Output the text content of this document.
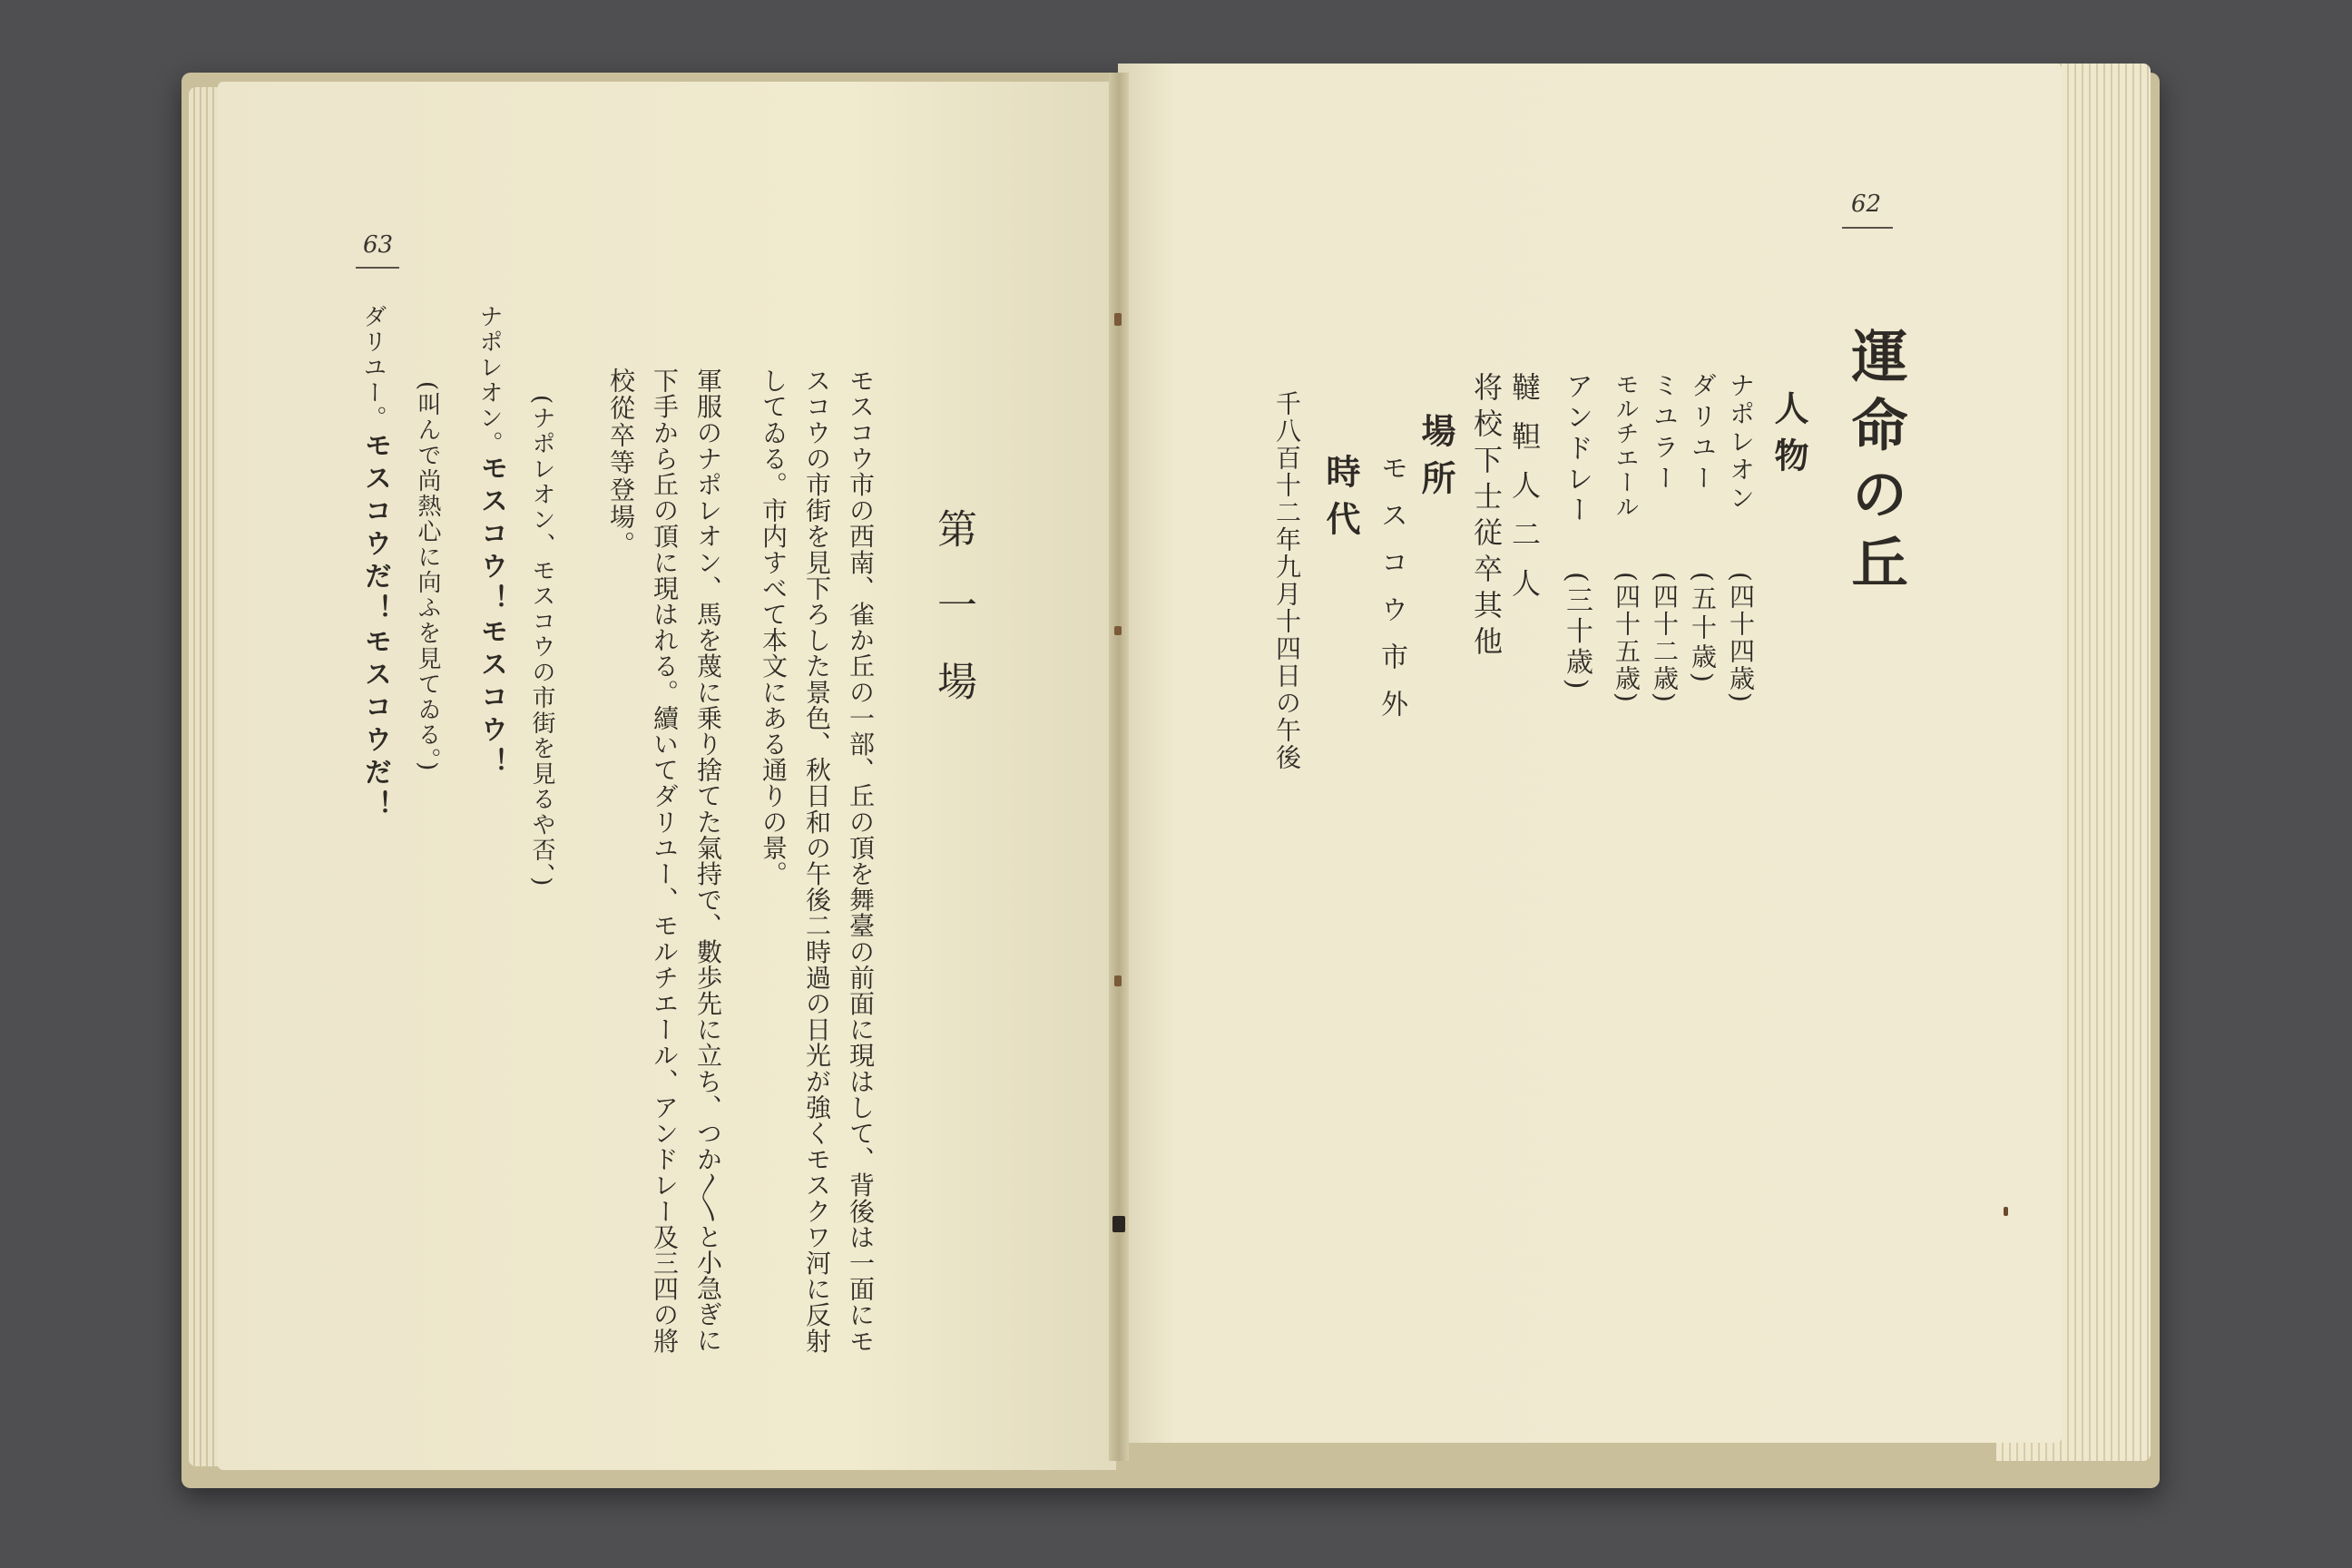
62
運命の丘
人物
ナポレオン
(四十四歳)
ダリユー
(五十歳)
ミユラー
(四十二歳)
モルチエール
(四十五歳)
アンドレー
(三十歳)
韃靼人二人
将校下士従卒其他
場所
モスコウ市外
時代
千八百十二年九月十四日の午後
63
第一場
モスコウ市の西南、雀か丘の一部、丘の頂を舞臺の前面に現はして、背後は一面にモ
スコウの市街を見下ろした景色、秋日和の午後二時過の日光が強くモスクワ河に反射
してゐる。市内すべて本文にある通りの景。
軍服のナポレオン、馬を蔑に乗り捨てた氣持で、數歩先に立ち、つか〳〵と小急ぎに
下手から丘の頂に現はれる。續いてダリユー、モルチエール、アンドレー及三四の將
校從卒等登場。
(ナポレオン、モスコウの市街を見るや否、)
ナポレオン。
モスコウ！モスコウ！
(叫んで尚熱心に向ふを見てゐる。)
ダリユー。
モスコウだ！モスコウだ！
